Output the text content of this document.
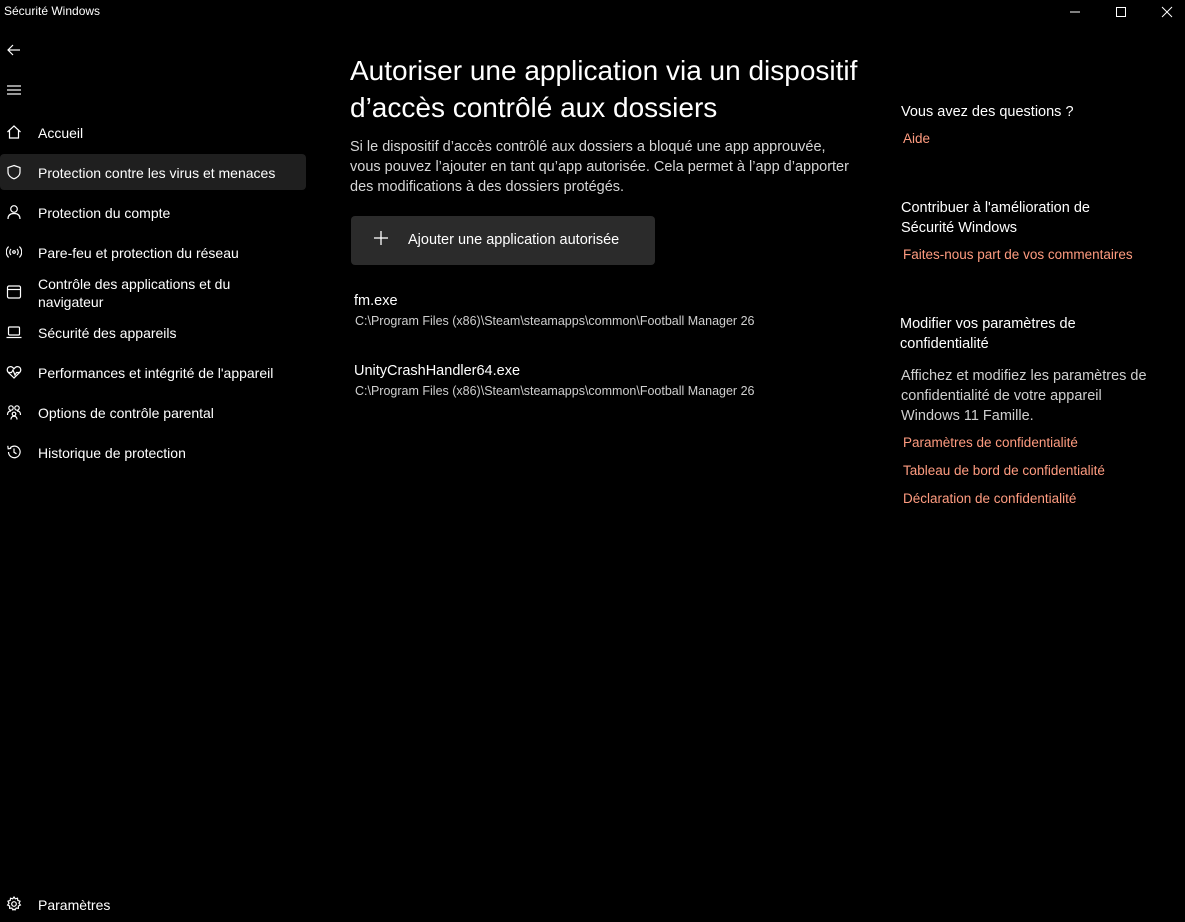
Sécurité Windows
Accueil
Protection contre les virus et menaces
Protection du compte
Pare-feu et protection du réseau
Contrôle des applications et du navigateur
Sécurité des appareils
Performances et intégrité de l'appareil
Options de contrôle parental
Historique de protection
Paramètres
Autoriser une application via un dispositif d’accès contrôlé aux dossiers
Si le dispositif d’accès contrôlé aux dossiers a bloqué une app approuvée, vous pouvez l’ajouter en tant qu’app autorisée. Cela permet à l’app d’apporter des modifications à des dossiers protégés.
Ajouter une application autorisée
fm.exe
C:\Program Files (x86)\Steam\steamapps\common\Football Manager 26
UnityCrashHandler64.exe
C:\Program Files (x86)\Steam\steamapps\common\Football Manager 26
Vous avez des questions ?
Aide
Contribuer à l'amélioration de Sécurité Windows
Faites-nous part de vos commentaires
Modifier vos paramètres de confidentialité
Affichez et modifiez les paramètres de confidentialité de votre appareil Windows 11 Famille.
Paramètres de confidentialité
Tableau de bord de confidentialité
Déclaration de confidentialité
